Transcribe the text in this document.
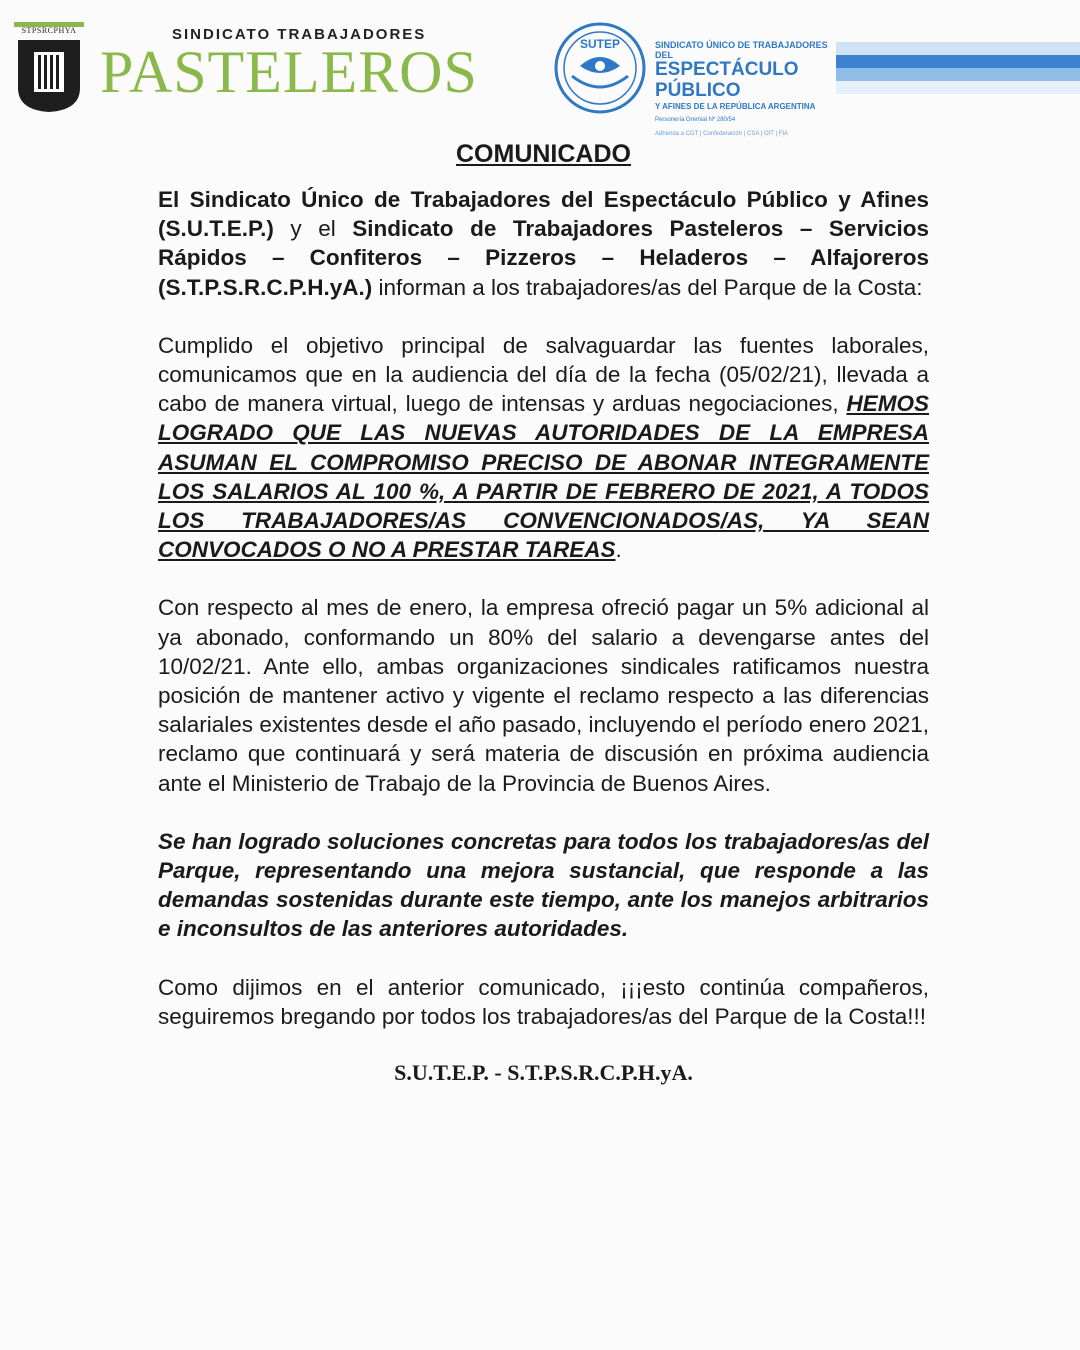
STPSRCPHYA	SINDICATO TRABAJADORES
PASTELEROS	SUTEP	SINDICATO ÚNICO DE TRABAJADORES DEL
ESPECTÁCULO PÚBLICO
Y AFINES DE LA REPÚBLICA ARGENTINA
Personería Gremial Nº 280/54
Adherida a CGT | Confederación | CSA | OIT | FIA
COMUNICADO

El Sindicato Único de Trabajadores del Espectáculo Público y Afines (S.U.T.E.P.) y el Sindicato de Trabajadores Pasteleros – Servicios Rápidos – Confiteros – Pizzeros – Heladeros – Alfajoreros (S.T.P.S.R.C.P.H.yA.) informan a los trabajadores/as del Parque de la Costa:

Cumplido el objetivo principal de salvaguardar las fuentes laborales, comunicamos que en la audiencia del día de la fecha (05/02/21), llevada a cabo de manera virtual, luego de intensas y arduas negociaciones, HEMOS LOGRADO QUE LAS NUEVAS AUTORIDADES DE LA EMPRESA ASUMAN EL COMPROMISO PRECISO DE ABONAR INTEGRAMENTE LOS SALARIOS AL 100 %, A PARTIR DE FEBRERO DE 2021, A TODOS LOS TRABAJADORES/AS CONVENCIONADOS/AS, YA SEAN CONVOCADOS O NO A PRESTAR TAREAS.

Con respecto al mes de enero, la empresa ofreció pagar un 5% adicional al ya abonado, conformando un 80% del salario a devengarse antes del 10/02/21. Ante ello, ambas organizaciones sindicales ratificamos nuestra posición de mantener activo y vigente el reclamo respecto a las diferencias salariales existentes desde el año pasado, incluyendo el período enero 2021, reclamo que continuará y será materia de discusión en próxima audiencia ante el Ministerio de Trabajo de la Provincia de Buenos Aires.

Se han logrado soluciones concretas para todos los trabajadores/as del Parque, representando una mejora sustancial, que responde a las demandas sostenidas durante este tiempo, ante los manejos arbitrarios e inconsultos de las anteriores autoridades.

Como dijimos en el anterior comunicado, ¡¡¡esto continúa compañeros, seguiremos bregando por todos los trabajadores/as del Parque de la Costa!!!

S.U.T.E.P. - S.T.P.S.R.C.P.H.yA.
